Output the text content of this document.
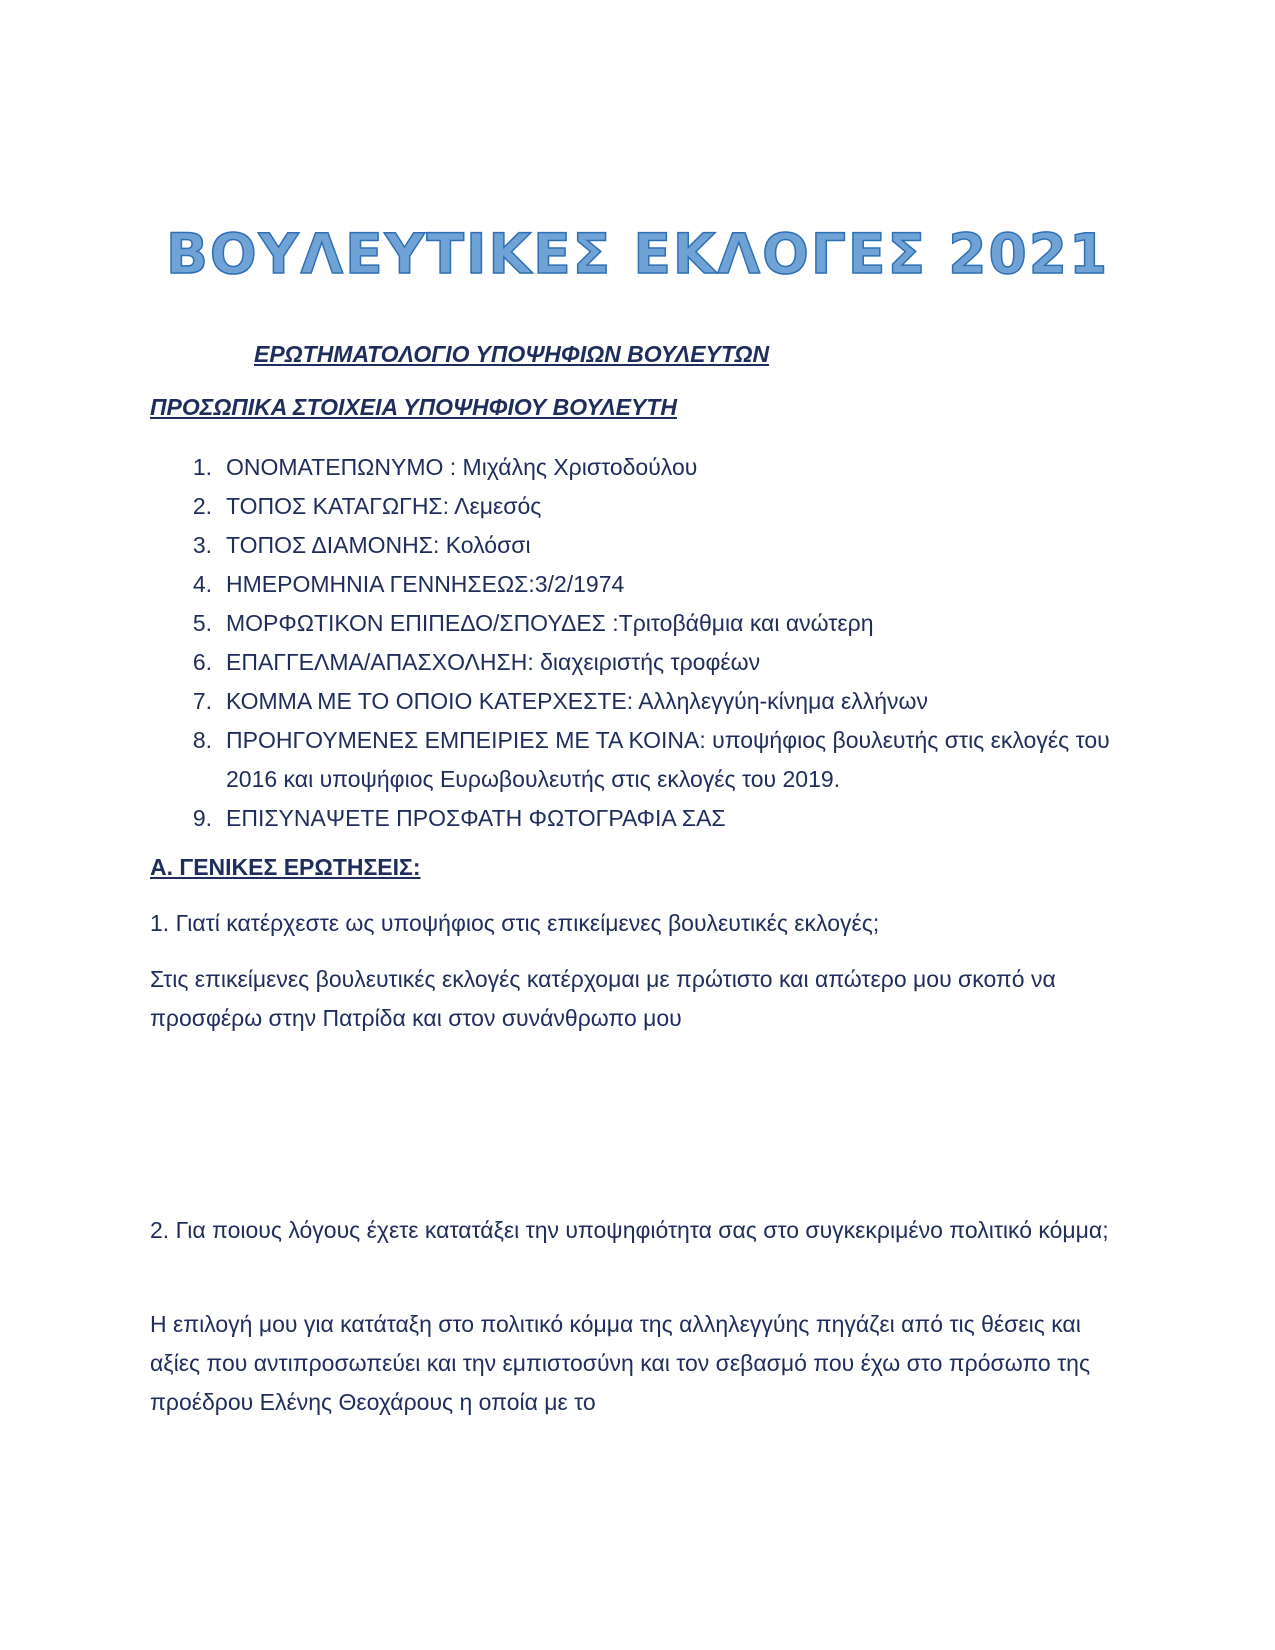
ΒΟΥΛΕΥΤΙΚΕΣ ΕΚΛΟΓΕΣ 2021
ΕΡΩΤΗΜΑΤΟΛΟΓΙΟ ΥΠΟΨΗΦΙΩΝ ΒΟΥΛΕΥΤΩΝ
ΠΡΟΣΩΠΙΚΑ ΣΤΟΙΧΕΙΑ ΥΠΟΨΗΦΙΟΥ ΒΟΥΛΕΥΤΗ
1. ΟΝΟΜΑΤΕΠΩΝΥΜΟ : Μιχάλης Χριστοδούλου
2. ΤΟΠΟΣ ΚΑΤΑΓΩΓΗΣ: Λεμεσός
3. ΤΟΠΟΣ ΔΙΑΜΟΝΗΣ: Κολόσσι
4. ΗΜΕΡΟΜΗΝΙΑ ΓΕΝΝΗΣΕΩΣ:3/2/1974
5. ΜΟΡΦΩΤΙΚΟΝ ΕΠΙΠΕΔΟ/ΣΠΟΥΔΕΣ :Τριτοβάθμια και ανώτερη
6. ΕΠΑΓΓΕΛΜΑ/ΑΠΑΣΧΟΛΗΣΗ: διαχειριστής τροφέων
7. ΚΟΜΜΑ ΜΕ ΤΟ ΟΠΟΙΟ ΚΑΤΕΡΧΕΣΤΕ: Αλληλεγγύη-κίνημα ελλήνων
8. ΠΡΟΗΓΟΥΜΕΝΕΣ ΕΜΠΕΙΡΙΕΣ ΜΕ ΤΑ ΚΟΙΝΑ: υποψήφιος βουλευτής στις εκλογές του 2016 και υποψήφιος Ευρωβουλευτής στις εκλογές του 2019.
9. ΕΠΙΣΥΝΑΨΕΤΕ ΠΡΟΣΦΑΤΗ ΦΩΤΟΓΡΑΦΙΑ ΣΑΣ
Α. ΓΕΝΙΚΕΣ ΕΡΩΤΗΣΕΙΣ:

1. Γιατί κατέρχεστε ως υποψήφιος στις επικείμενες βουλευτικές εκλογές;

Στις επικείμενες βουλευτικές εκλογές κατέρχομαι με πρώτιστο και απώτερο μου σκοπό να προσφέρω στην Πατρίδα και στον συνάνθρωπο μου

2. Για ποιους λόγους έχετε κατατάξει την υποψηφιότητα σας στο συγκεκριμένο πολιτικό κόμμα;

Η επιλογή μου για κατάταξη στο πολιτικό κόμμα της αλληλεγγύης πηγάζει από τις θέσεις και αξίες που αντιπροσωπεύει και την εμπιστοσύνη και τον σεβασμό που έχω στο πρόσωπο της προέδρου Ελένης Θεοχάρους η οποία με το
